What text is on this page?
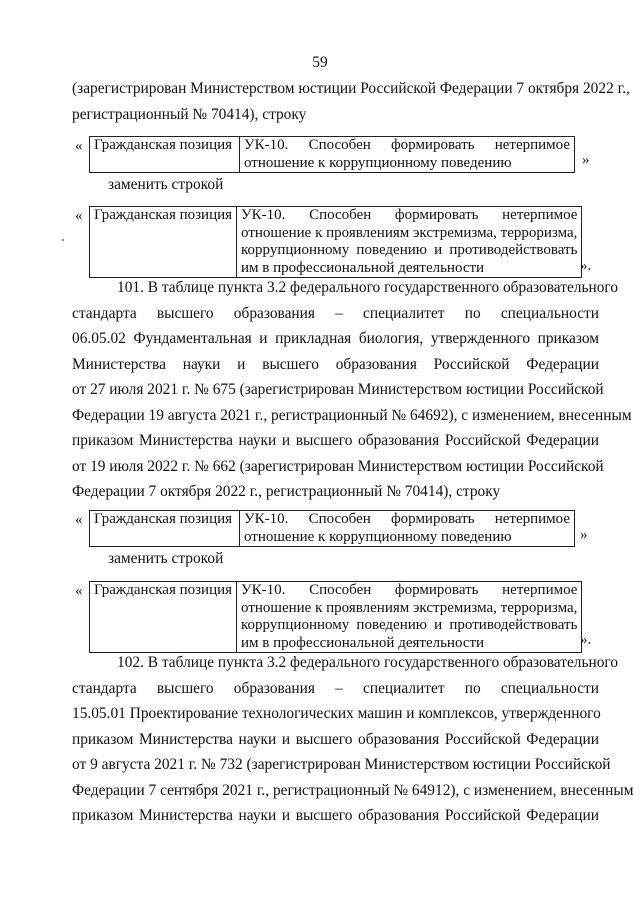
59
(зарегистрирован Министерством юстиции Российской Федерации 7 октября 2022 г.,
регистрационный № 70414), строку
« Гражданская позиция	УК-10. Способен формировать нетерпимое
отношение к коррупционному поведению	»
заменить строкой
« Гражданская позиция	УК-10. Способен формировать нетерпимое
отношение к проявлениям экстремизма, терроризма,
коррупционному поведению и противодействовать
им в профессиональной деятельности	».
101. В таблице пункта 3.2 федерального государственного образовательного
стандарта высшего образования – специалитет по специальности
06.05.02 Фундаментальная и прикладная биология, утвержденного приказом
Министерства науки и высшего образования Российской Федерации
от 27 июля 2021 г. № 675 (зарегистрирован Министерством юстиции Российской
Федерации 19 августа 2021 г., регистрационный № 64692), с изменением, внесенным
приказом Министерства науки и высшего образования Российской Федерации
от 19 июля 2022 г. № 662 (зарегистрирован Министерством юстиции Российской
Федерации 7 октября 2022 г., регистрационный № 70414), строку
« Гражданская позиция	УК-10. Способен формировать нетерпимое
отношение к коррупционному поведению	»
заменить строкой
« Гражданская позиция	УК-10. Способен формировать нетерпимое
отношение к проявлениям экстремизма, терроризма,
коррупционному поведению и противодействовать
им в профессиональной деятельности	».
102. В таблице пункта 3.2 федерального государственного образовательного
стандарта высшего образования – специалитет по специальности
15.05.01 Проектирование технологических машин и комплексов, утвержденного
приказом Министерства науки и высшего образования Российской Федерации
от 9 августа 2021 г. № 732 (зарегистрирован Министерством юстиции Российской
Федерации 7 сентября 2021 г., регистрационный № 64912), с изменением, внесенным
приказом Министерства науки и высшего образования Российской Федерации
